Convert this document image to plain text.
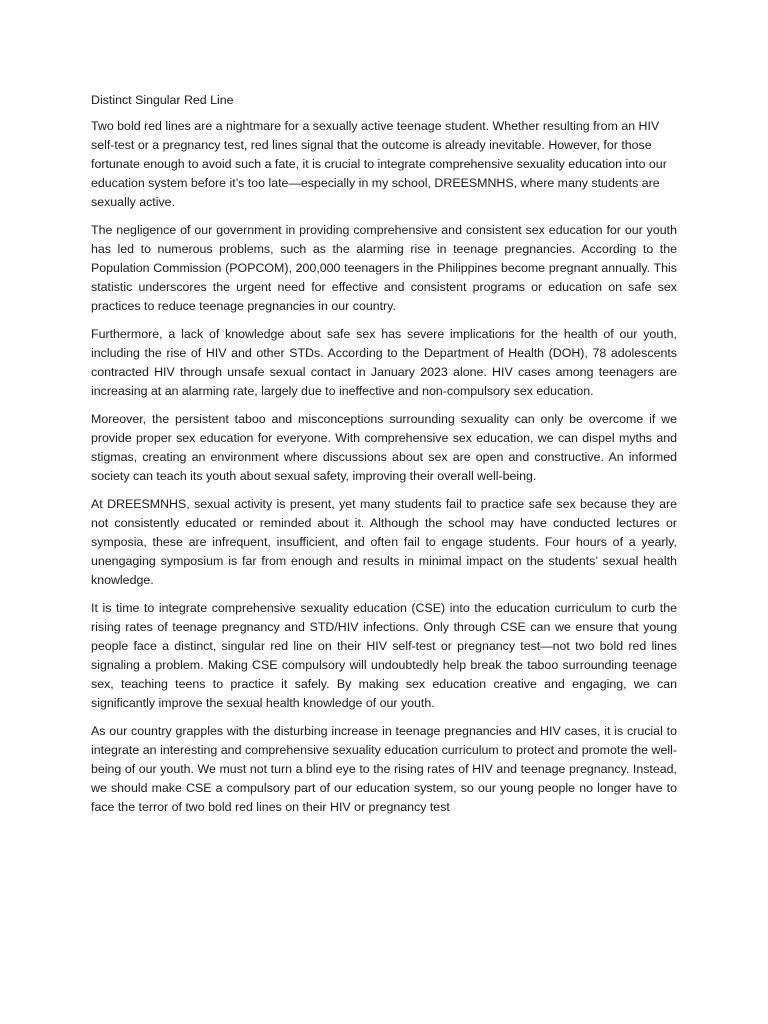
Distinct Singular Red Line

Two bold red lines are a nightmare for a sexually active teenage student. Whether resulting from an HIV self-test or a pregnancy test, red lines signal that the outcome is already inevitable. However, for those fortunate enough to avoid such a fate, it is crucial to integrate comprehensive sexuality education into our education system before it’s too late—especially in my school, DREESMNHS, where many students are sexually active.

The negligence of our government in providing comprehensive and consistent sex education for our youth has led to numerous problems, such as the alarming rise in teenage pregnancies. According to the Population Commission (POPCOM), 200,000 teenagers in the Philippines become pregnant annually. This statistic underscores the urgent need for effective and consistent programs or education on safe sex practices to reduce teenage pregnancies in our country.

Furthermore, a lack of knowledge about safe sex has severe implications for the health of our youth, including the rise of HIV and other STDs. According to the Department of Health (DOH), 78 adolescents contracted HIV through unsafe sexual contact in January 2023 alone. HIV cases among teenagers are increasing at an alarming rate, largely due to ineffective and non-compulsory sex education.

Moreover, the persistent taboo and misconceptions surrounding sexuality can only be overcome if we provide proper sex education for everyone. With comprehensive sex education, we can dispel myths and stigmas, creating an environment where discussions about sex are open and constructive. An informed society can teach its youth about sexual safety, improving their overall well-being.

At DREESMNHS, sexual activity is present, yet many students fail to practice safe sex because they are not consistently educated or reminded about it. Although the school may have conducted lectures or symposia, these are infrequent, insufficient, and often fail to engage students. Four hours of a yearly, unengaging symposium is far from enough and results in minimal impact on the students’ sexual health knowledge.

It is time to integrate comprehensive sexuality education (CSE) into the education curriculum to curb the rising rates of teenage pregnancy and STD/HIV infections. Only through CSE can we ensure that young people face a distinct, singular red line on their HIV self-test or pregnancy test—not two bold red lines signaling a problem. Making CSE compulsory will undoubtedly help break the taboo surrounding teenage sex, teaching teens to practice it safely. By making sex education creative and engaging, we can significantly improve the sexual health knowledge of our youth.

As our country grapples with the disturbing increase in teenage pregnancies and HIV cases, it is crucial to integrate an interesting and comprehensive sexuality education curriculum to protect and promote the well-being of our youth. We must not turn a blind eye to the rising rates of HIV and teenage pregnancy. Instead, we should make CSE a compulsory part of our education system, so our young people no longer have to face the terror of two bold red lines on their HIV or pregnancy test
